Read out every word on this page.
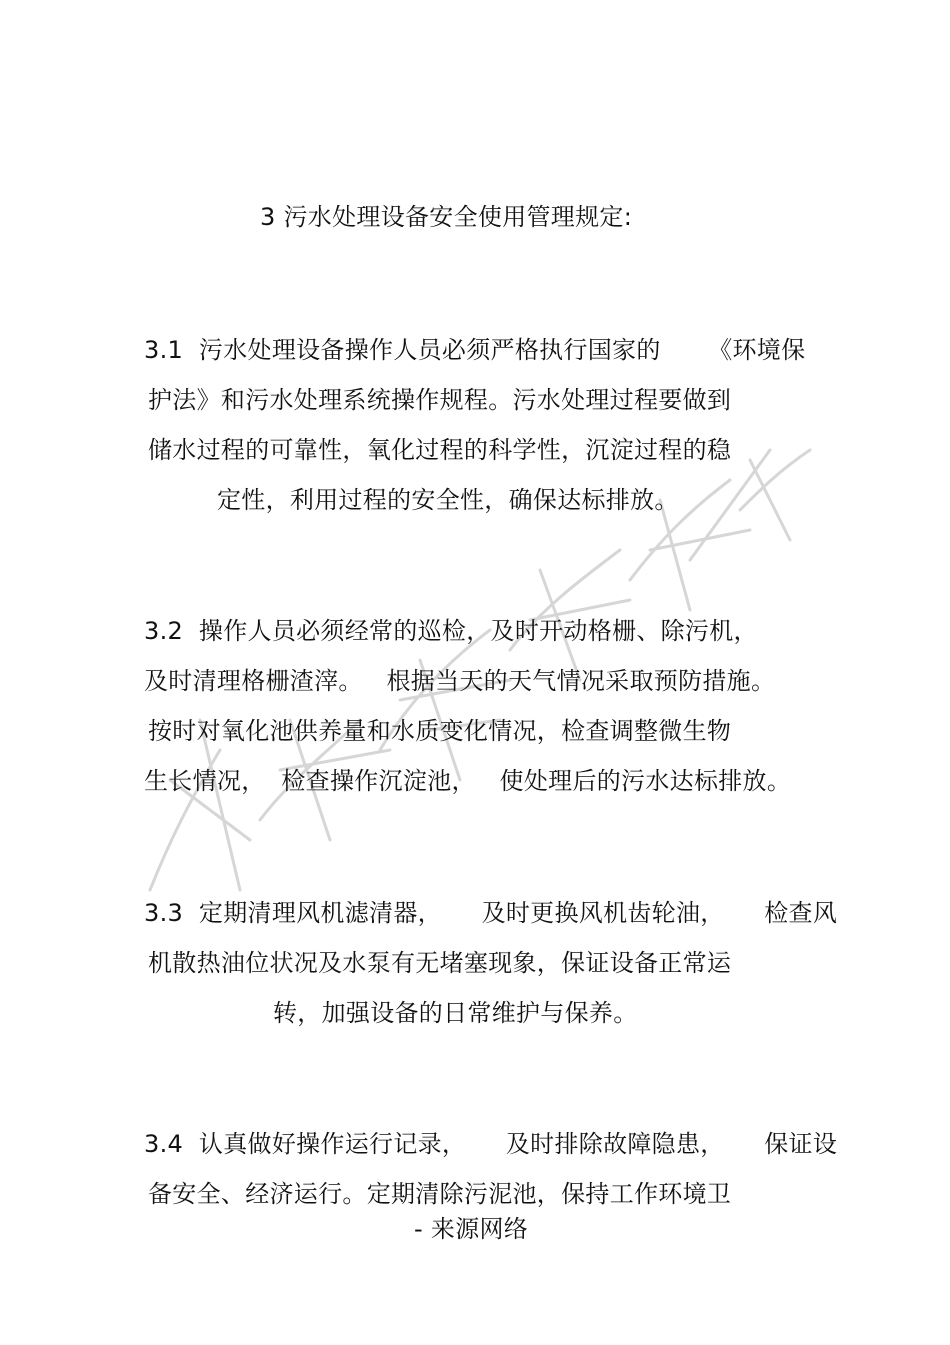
3 污水处理设备安全使用管理规定:
3.1  污水处理设备操作人员必须严格执行国家的      《环境保
护法》和污水处理系统操作规程。污水处理过程要做到
储水过程的可靠性，氧化过程的科学性，沉淀过程的稳
定性，利用过程的安全性，确保达标排放。
3.2  操作人员必须经常的巡检，及时开动格栅、除污机，
及时清理格栅渣滓。   根据当天的天气情况采取预防措施。
按时对氧化池供养量和水质变化情况，检查调整微生物
生长情况，  检查操作沉淀池，   使处理后的污水达标排放。
3.3  定期清理风机滤清器，     及时更换风机齿轮油，     检查风
机散热油位状况及水泵有无堵塞现象，保证设备正常运
转，加强设备的日常维护与保养。
3.4  认真做好操作运行记录，     及时排除故障隐患，     保证设
备安全、经济运行。定期清除污泥池，保持工作环境卫
- 来源网络
